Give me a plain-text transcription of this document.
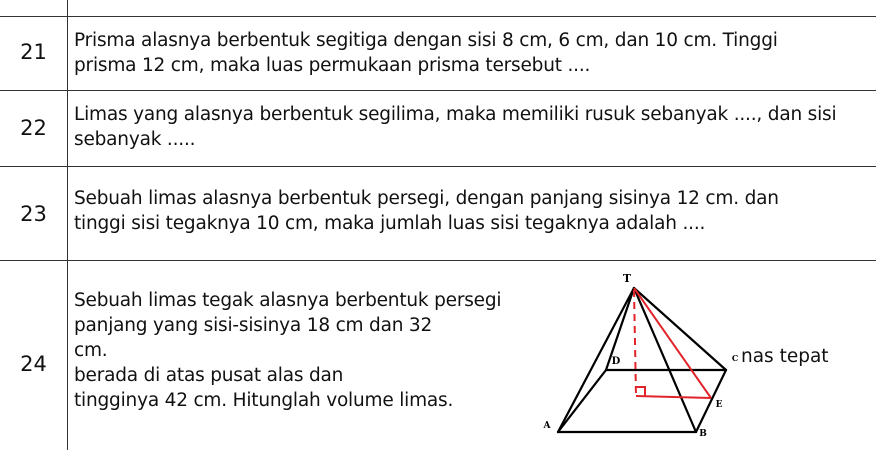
21	Prisma alasnya berbentuk segitiga dengan sisi 8 cm, 6 cm, dan 10 cm. Tinggi
prisma 12 cm, maka luas permukaan prisma tersebut ....
22
Limas yang alasnya berbentuk segilima, maka memiliki rusuk sebanyak ...., dan sisi
sebanyak .....
23
Sebuah limas alasnya berbentuk persegi, dengan panjang sisinya 12 cm. dan
tinggi sisi tegaknya 10 cm, maka jumlah luas sisi tegaknya adalah ....
24
Sebuah limas tegak alasnya berbentuk persegi
panjang yang sisi-sisinya 18 cm dan 32
cm.
berada di atas pusat alas dan
tingginya 42 cm. Hitunglah volume limas.
nas tepat
T
D	C
E
A
B
